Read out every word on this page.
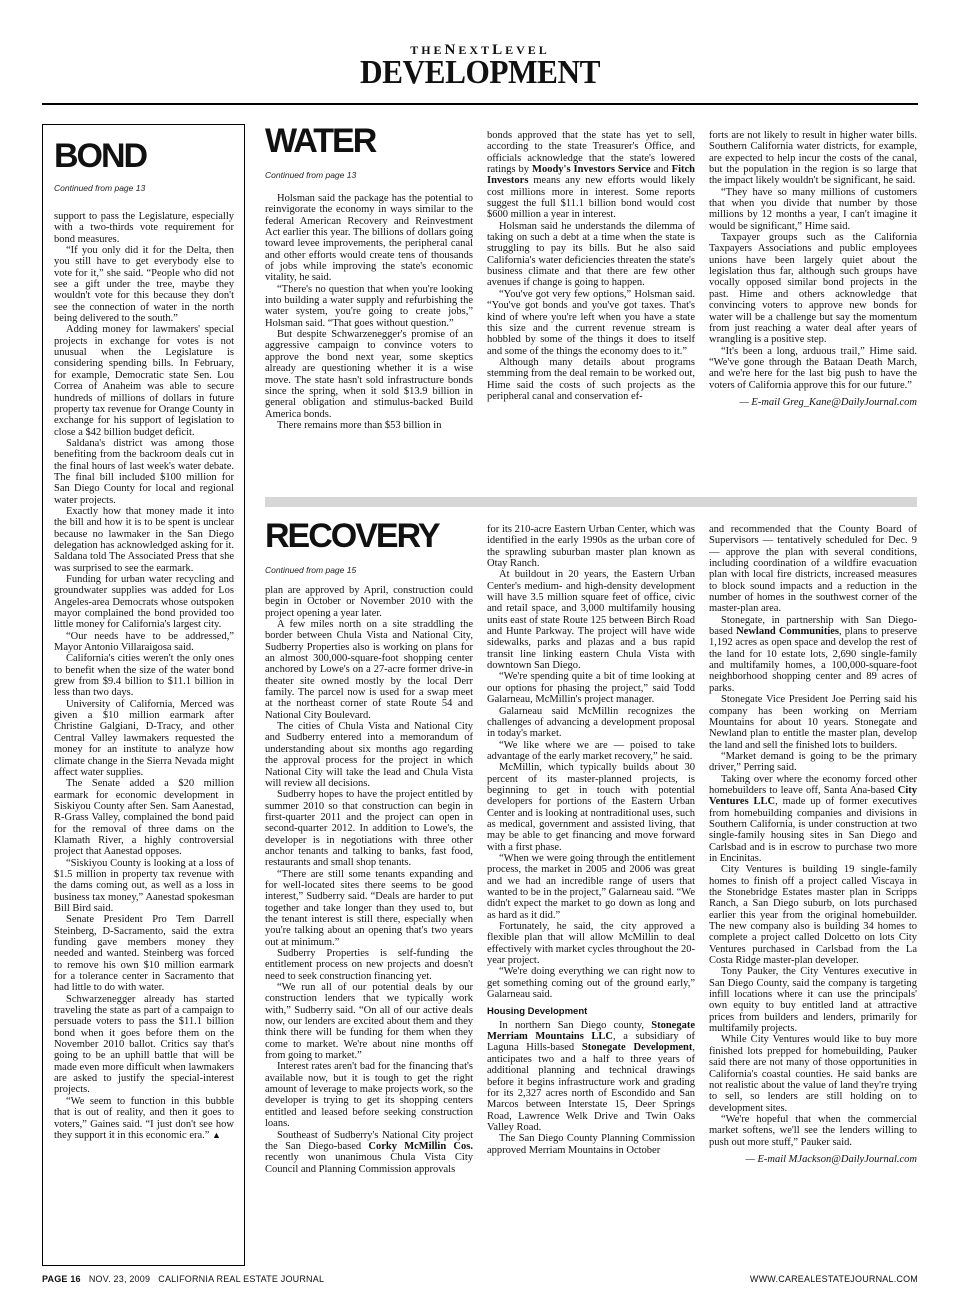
THENEXTLEVEL
DEVELOPMENT
BOND
Continued from page 13

support to pass the Legislature, especially with a two-thirds vote requirement for bond measures.

“If you only did it for the Delta, then you still have to get everybody else to vote for it,” she said. “People who did not see a gift under the tree, maybe they wouldn't vote for this because they don't see the connection of water in the north being delivered to the south.”

Adding money for lawmakers' special projects in exchange for votes is not unusual when the Legislature is considering spending bills. In February, for example, Democratic state Sen. Lou Correa of Anaheim was able to secure hundreds of millions of dollars in future property tax revenue for Orange County in exchange for his support of legislation to close a $42 billion budget deficit.

Saldana's district was among those benefiting from the backroom deals cut in the final hours of last week's water debate. The final bill included $100 million for San Diego County for local and regional water projects.

Exactly how that money made it into the bill and how it is to be spent is unclear because no lawmaker in the San Diego delegation has acknowledged asking for it. Saldana told The Associated Press that she was surprised to see the earmark.

Funding for urban water recycling and groundwater supplies was added for Los Angeles-area Democrats whose outspoken mayor complained the bond provided too little money for California's largest city.

“Our needs have to be addressed,” Mayor Antonio Villaraigosa said.

California's cities weren't the only ones to benefit when the size of the water bond grew from $9.4 billion to $11.1 billion in less than two days.

University of California, Merced was given a $10 million earmark after Christine Galgiani, D-Tracy, and other Central Valley lawmakers requested the money for an institute to analyze how climate change in the Sierra Nevada might affect water supplies.

The Senate added a $20 million earmark for economic development in Siskiyou County after Sen. Sam Aanestad, R-Grass Valley, complained the bond paid for the removal of three dams on the Klamath River, a highly controversial project that Aanestad opposes.

“Siskiyou County is looking at a loss of $1.5 million in property tax revenue with the dams coming out, as well as a loss in business tax money,” Aanestad spokesman Bill Bird said.

Senate President Pro Tem Darrell Steinberg, D-Sacramento, said the extra funding gave members money they needed and wanted. Steinberg was forced to remove his own $10 million earmark for a tolerance center in Sacramento that had little to do with water.

Schwarzenegger already has started traveling the state as part of a campaign to persuade voters to pass the $11.1 billion bond when it goes before them on the November 2010 ballot. Critics say that's going to be an uphill battle that will be made even more difficult when lawmakers are asked to justify the special-interest projects.

“We seem to function in this bubble that is out of reality, and then it goes to voters,” Gaines said. “I just don't see how they support it in this economic era.” ▲

WATER
Continued from page 13

Holsman said the package has the potential to reinvigorate the economy in ways similar to the federal American Recovery and Reinvestment Act earlier this year. The billions of dollars going toward levee improvements, the peripheral canal and other efforts would create tens of thousands of jobs while improving the state's economic vitality, he said.

“There's no question that when you're looking into building a water supply and refurbishing the water system, you're going to create jobs,” Holsman said. “That goes without question.”

But despite Schwarzenegger's promise of an aggressive campaign to convince voters to approve the bond next year, some skeptics already are questioning whether it is a wise move. The state hasn't sold infrastructure bonds since the spring, when it sold $13.9 billion in general obligation and stimulus-backed Build America bonds.

There remains more than $53 billion in

bonds approved that the state has yet to sell, according to the state Treasurer's Office, and officials acknowledge that the state's lowered ratings by Moody's Investors Service and Fitch Investors means any new efforts would likely cost millions more in interest. Some reports suggest the full $11.1 billion bond would cost $600 million a year in interest.

Holsman said he understands the dilemma of taking on such a debt at a time when the state is struggling to pay its bills. But he also said California's water deficiencies threaten the state's business climate and that there are few other avenues if change is going to happen.

“You've got very few options,” Holsman said. “You've got bonds and you've got taxes. That's kind of where you're left when you have a state this size and the current revenue stream is hobbled by some of the things it does to itself and some of the things the economy does to it.”

Although many details about programs stemming from the deal remain to be worked out, Hime said the costs of such projects as the peripheral canal and conservation ef-

forts are not likely to result in higher water bills. Southern California water districts, for example, are expected to help incur the costs of the canal, but the population in the region is so large that the impact likely wouldn't be significant, he said.

“They have so many millions of customers that when you divide that number by those millions by 12 months a year, I can't imagine it would be significant,” Hime said.

Taxpayer groups such as the California Taxpayers Associations and public employees unions have been largely quiet about the legislation thus far, although such groups have vocally opposed similar bond projects in the past. Hime and others acknowledge that convincing voters to approve new bonds for water will be a challenge but say the momentum from just reaching a water deal after years of wrangling is a positive step.

“It's been a long, arduous trail,” Hime said. “We've gone through the Bataan Death March, and we're here for the last big push to have the voters of California approve this for our future.”

— E-mail Greg_Kane@DailyJournal.com

RECOVERY
Continued from page 15

plan are approved by April, construction could begin in October or November 2010 with the project opening a year later.

A few miles north on a site straddling the border between Chula Vista and National City, Sudberry Properties also is working on plans for an almost 300,000-square-foot shopping center anchored by Lowe's on a 27-acre former drive-in theater site owned mostly by the local Derr family. The parcel now is used for a swap meet at the northeast corner of state Route 54 and National City Boulevard.

The cities of Chula Vista and National City and Sudberry entered into a memorandum of understanding about six months ago regarding the approval process for the project in which National City will take the lead and Chula Vista will review all decisions.

Sudberry hopes to have the project entitled by summer 2010 so that construction can begin in first-quarter 2011 and the project can open in second-quarter 2012. In addition to Lowe's, the developer is in negotiations with three other anchor tenants and talking to banks, fast food, restaurants and small shop tenants.

“There are still some tenants expanding and for well-located sites there seems to be good interest,” Sudberry said. “Deals are harder to put together and take longer than they used to, but the tenant interest is still there, especially when you're talking about an opening that's two years out at minimum.”

Sudberry Properties is self-funding the entitlement process on new projects and doesn't need to seek construction financing yet.

“We run all of our potential deals by our construction lenders that we typically work with,” Sudberry said. “On all of our active deals now, our lenders are excited about them and they think there will be funding for them when they come to market. We're about nine months off from going to market.”

Interest rates aren't bad for the financing that's available now, but it is tough to get the right amount of leverage to make projects work, so the developer is trying to get its shopping centers entitled and leased before seeking construction loans.

Southeast of Sudberry's National City project the San Diego-based Corky McMillin Cos. recently won unanimous Chula Vista City Council and Planning Commission approvals

for its 210-acre Eastern Urban Center, which was identified in the early 1990s as the urban core of the sprawling suburban master plan known as Otay Ranch.

At buildout in 20 years, the Eastern Urban Center's medium- and high-density development will have 3.5 million square feet of office, civic and retail space, and 3,000 multifamily housing units east of state Route 125 between Birch Road and Hunte Parkway. The project will have wide sidewalks, parks and plazas and a bus rapid transit line linking eastern Chula Vista with downtown San Diego.

“We're spending quite a bit of time looking at our options for phasing the project,” said Todd Galarneau, McMillin's project manager.

Galarneau said McMillin recognizes the challenges of advancing a development proposal in today's market.

“We like where we are — poised to take advantage of the early market recovery,” he said.

McMillin, which typically builds about 30 percent of its master-planned projects, is beginning to get in touch with potential developers for portions of the Eastern Urban Center and is looking at nontraditional uses, such as medical, government and assisted living, that may be able to get financing and move forward with a first phase.

“When we were going through the entitlement process, the market in 2005 and 2006 was great and we had an incredible range of users that wanted to be in the project,” Galarneau said. “We didn't expect the market to go down as long and as hard as it did.”

Fortunately, he said, the city approved a flexible plan that will allow McMillin to deal effectively with market cycles throughout the 20-year project.

“We're doing everything we can right now to get something coming out of the ground early,” Galarneau said.

Housing Development

In northern San Diego county, Stonegate Merriam Mountains LLC, a subsidiary of Laguna Hills-based Stonegate Development, anticipates two and a half to three years of additional planning and technical drawings before it begins infrastructure work and grading for its 2,327 acres north of Escondido and San Marcos between Interstate 15, Deer Springs Road, Lawrence Welk Drive and Twin Oaks Valley Road.

The San Diego County Planning Commission approved Merriam Mountains in October

and recommended that the County Board of Supervisors — tentatively scheduled for Dec. 9 — approve the plan with several conditions, including coordination of a wildfire evacuation plan with local fire districts, increased measures to block sound impacts and a reduction in the number of homes in the southwest corner of the master-plan area.

Stonegate, in partnership with San Diego-based Newland Communities, plans to preserve 1,192 acres as open space and develop the rest of the land for 10 estate lots, 2,690 single-family and multifamily homes, a 100,000-square-foot neighborhood shopping center and 89 acres of parks.

Stonegate Vice President Joe Perring said his company has been working on Merriam Mountains for about 10 years. Stonegate and Newland plan to entitle the master plan, develop the land and sell the finished lots to builders.

“Market demand is going to be the primary driver,” Perring said.

Taking over where the economy forced other homebuilders to leave off, Santa Ana-based City Ventures LLC, made up of former executives from homebuilding companies and divisions in Southern California, is under construction at two single-family housing sites in San Diego and Carlsbad and is in escrow to purchase two more in Encinitas.

City Ventures is building 19 single-family homes to finish off a project called Viscaya in the Stonebridge Estates master plan in Scripps Ranch, a San Diego suburb, on lots purchased earlier this year from the original homebuilder. The new company also is building 34 homes to complete a project called Dolcetto on lots City Ventures purchased in Carlsbad from the La Costa Ridge master-plan developer.

Tony Pauker, the City Ventures executive in San Diego County, said the company is targeting infill locations where it can use the principals' own equity to buy entitled land at attractive prices from builders and lenders, primarily for multifamily projects.

While City Ventures would like to buy more finished lots prepped for homebuilding, Pauker said there are not many of those opportunities in California's coastal counties. He said banks are not realistic about the value of land they're trying to sell, so lenders are still holding on to development sites.

“We're hopeful that when the commercial market softens, we'll see the lenders willing to push out more stuff,” Pauker said.

— E-mail MJackson@DailyJournal.com

PAGE 16 NOV. 23, 2009 CALIFORNIA REAL ESTATE JOURNAL	WWW.CAREALESTATEJOURNAL.COM
